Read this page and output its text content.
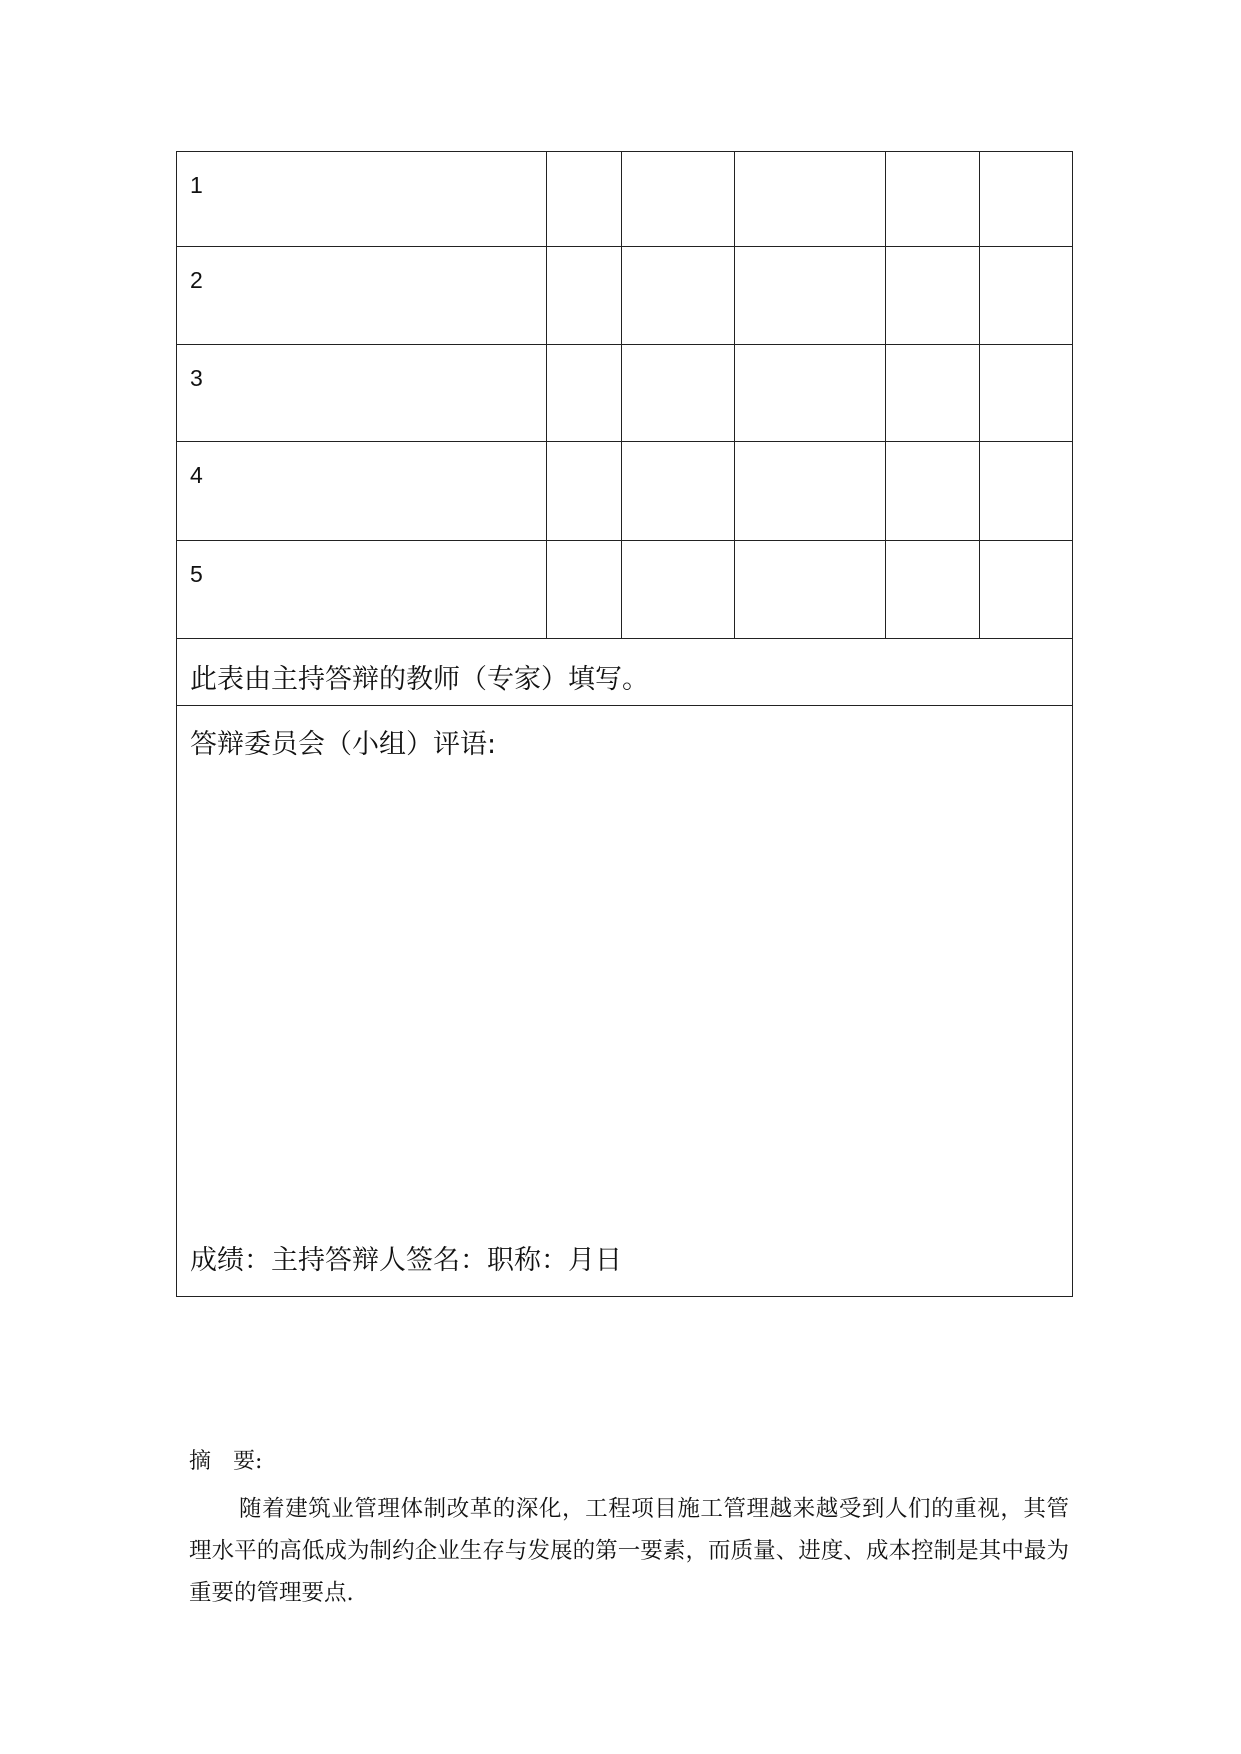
1					
2					
3					
4					
5					
此表由主持答辩的教师（专家）填写。					

答辩委员会（小组）评语:
成绩：主持答辩人签名：职称：月日					

摘　要:

随着建筑业管理体制改革的深化，工程项目施工管理越来越受到人们的重视，其管理水平的高低成为制约企业生存与发展的第一要素，而质量、进度、成本控制是其中最为重要的管理要点.
